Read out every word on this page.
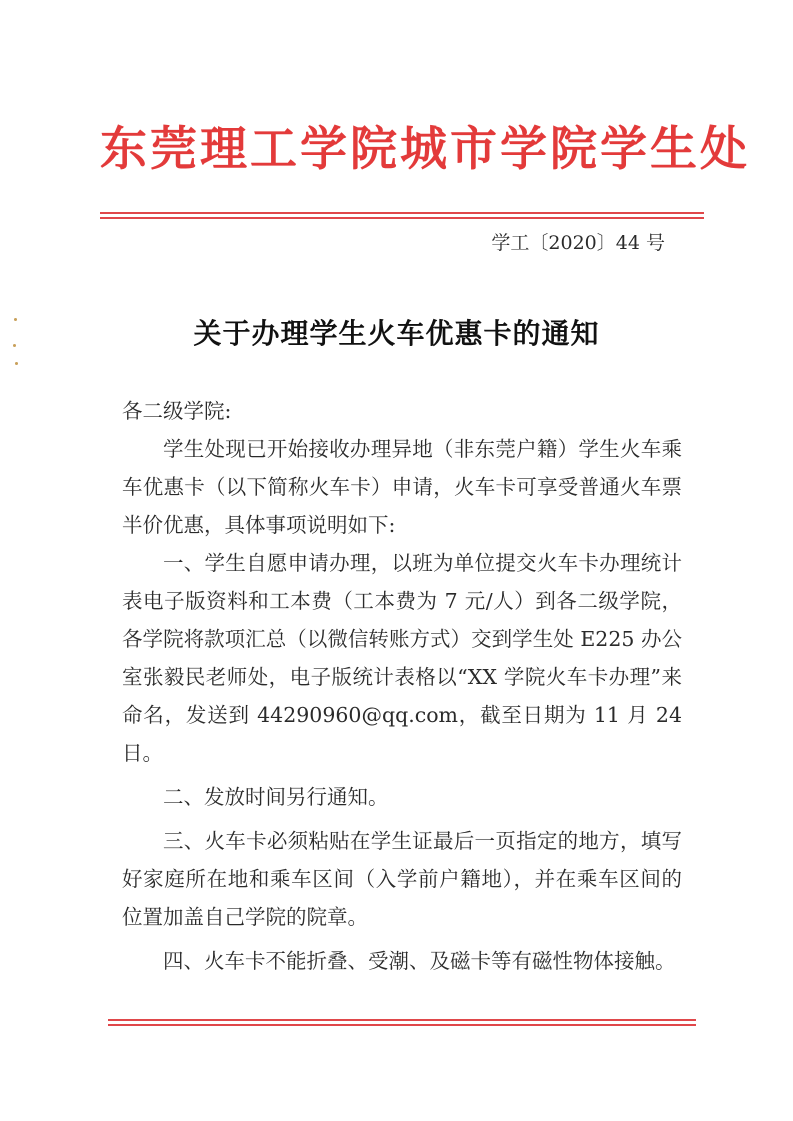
东莞理工学院城市学院学生处
学工〔2020〕44 号
关于办理学生火车优惠卡的通知

各二级学院:

学生处现已开始接收办理异地（非东莞户籍）学生火车乘车优惠卡（以下简称火车卡）申请，火车卡可享受普通火车票半价优惠，具体事项说明如下:

一、学生自愿申请办理，以班为单位提交火车卡办理统计表电子版资料和工本费（工本费为 7 元/人）到各二级学院，各学院将款项汇总（以微信转账方式）交到学生处 E225 办公室张毅民老师处，电子版统计表格以“XX 学院火车卡办理”来命名，发送到 44290960@qq.com，截至日期为 11 月 24 日。

二、发放时间另行通知。

三、火车卡必须粘贴在学生证最后一页指定的地方，填写好家庭所在地和乘车区间（入学前户籍地），并在乘车区间的位置加盖自己学院的院章。

四、火车卡不能折叠、受潮、及磁卡等有磁性物体接触。
